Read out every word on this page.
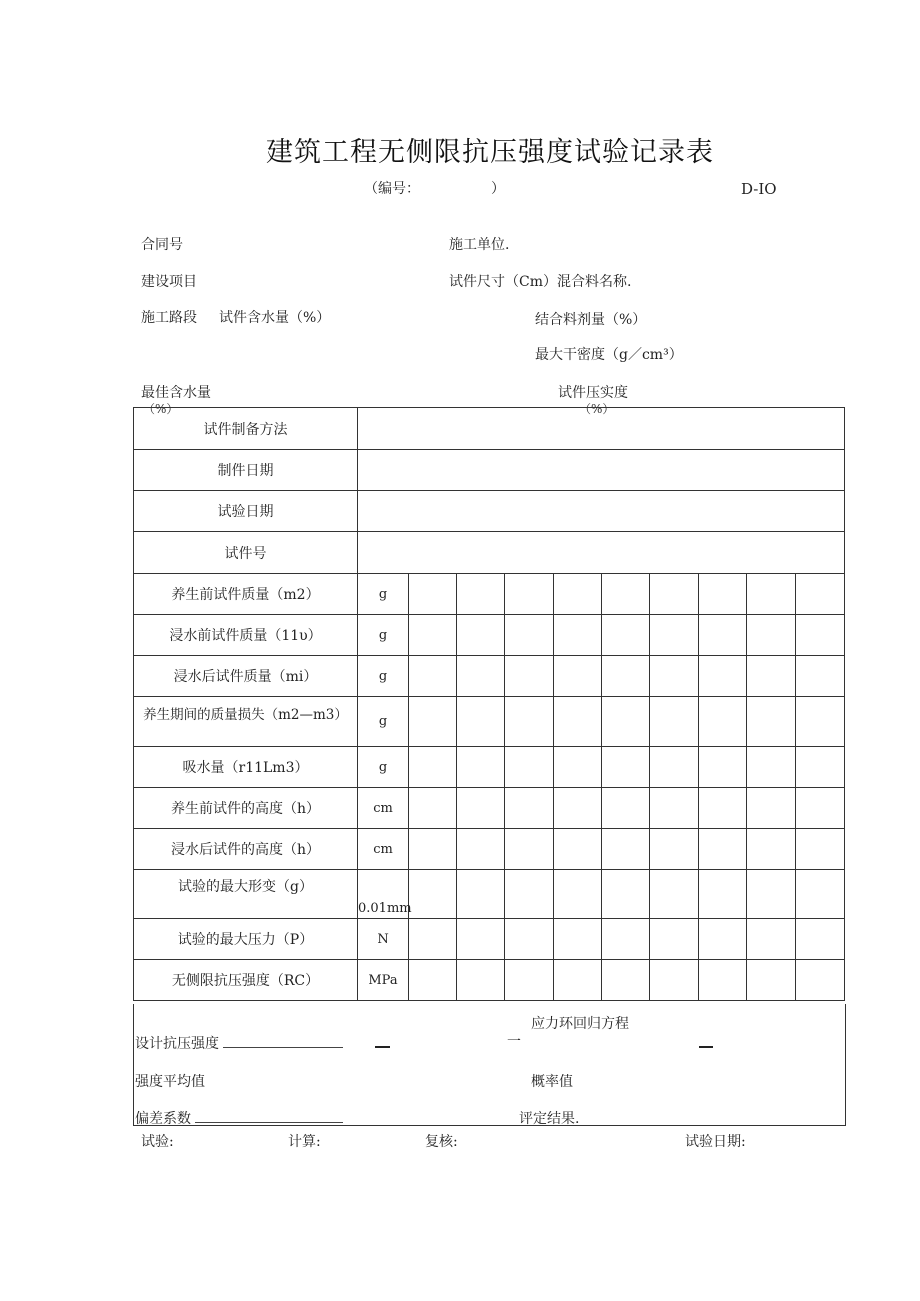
建筑工程无侧限抗压强度试验记录表
（编号：	）	D-IO
合同号	施工单位.
建设项目	试件尺寸（Cm）混合料名称.
施工路段 试件含水量（%）	结合料剂量（%）
最大干密度（g／cm³）
最佳含水量
（%）
试件压实度
（%）
试件制备方法										
制件日期										
试验日期										
试件号										
养生前试件质量（m2）	g									
浸水前试件质量（11υ）	g									
浸水后试件质量（mi）	g									
养生期间的质量损失（m2—m3）	g									
吸水量（r11Lm3）	g									
养生前试件的高度（h）	cm									
浸水后试件的高度（h）	cm									
试验的最大形变（g）	0.01mm									
试验的最大压力（P）	N									
无侧限抗压强度（RC）	MPa									
应力环回归方程
设计抗压强度	一
强度平均值	概率值
偏差系数	评定结果.
试验:	计算:	复核:	试验日期:
